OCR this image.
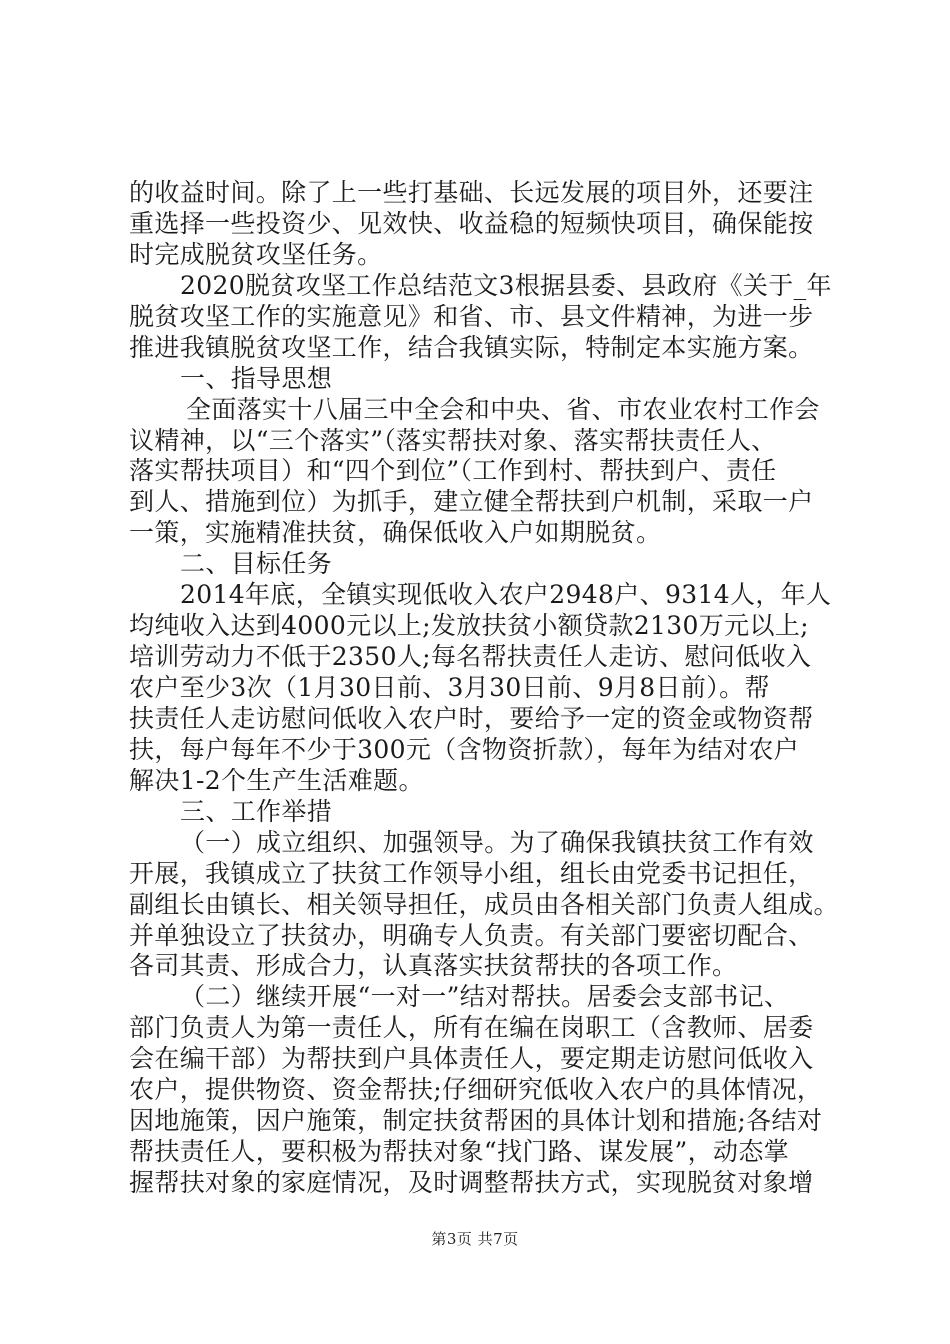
的收益时间。除了上一些打基础、长远发展的项目外，还要注
重选择一些投资少、见效快、收益稳的短频快项目，确保能按
时完成脱贫攻坚任务。
2020脱贫攻坚工作总结范文3根据县委、县政府《关于_年
脱贫攻坚工作的实施意见》和省、市、县文件精神，为进一步
推进我镇脱贫攻坚工作，结合我镇实际，特制定本实施方案。
一、指导思想
全面落实十八届三中全会和中央、省、市农业农村工作会
议精神，以“三个落实”（落实帮扶对象、落实帮扶责任人、
落实帮扶项目）和“四个到位”（工作到村、帮扶到户、责任
到人、措施到位）为抓手，建立健全帮扶到户机制，采取一户
一策，实施精准扶贫，确保低收入户如期脱贫。
二、目标任务
2014年底，全镇实现低收入农户2948户、9314人，年人
均纯收入达到4000元以上;发放扶贫小额贷款2130万元以上;
培训劳动力不低于2350人;每名帮扶责任人走访、慰问低收入
农户至少3次（1月30日前、3月30日前、9月8日前）。帮
扶责任人走访慰问低收入农户时，要给予一定的资金或物资帮
扶，每户每年不少于300元（含物资折款），每年为结对农户
解决1-2个生产生活难题。
三、工作举措
（一）成立组织、加强领导。为了确保我镇扶贫工作有效
开展，我镇成立了扶贫工作领导小组，组长由党委书记担任，
副组长由镇长、相关领导担任，成员由各相关部门负责人组成。
并单独设立了扶贫办，明确专人负责。有关部门要密切配合、
各司其责、形成合力，认真落实扶贫帮扶的各项工作。
（二）继续开展“一对一”结对帮扶。居委会支部书记、
部门负责人为第一责任人，所有在编在岗职工（含教师、居委
会在编干部）为帮扶到户具体责任人，要定期走访慰问低收入
农户，提供物资、资金帮扶;仔细研究低收入农户的具体情况，
因地施策，因户施策，制定扶贫帮困的具体计划和措施;各结对
帮扶责任人，要积极为帮扶对象“找门路、谋发展”，动态掌
握帮扶对象的家庭情况，及时调整帮扶方式，实现脱贫对象增
第3页 共7页
